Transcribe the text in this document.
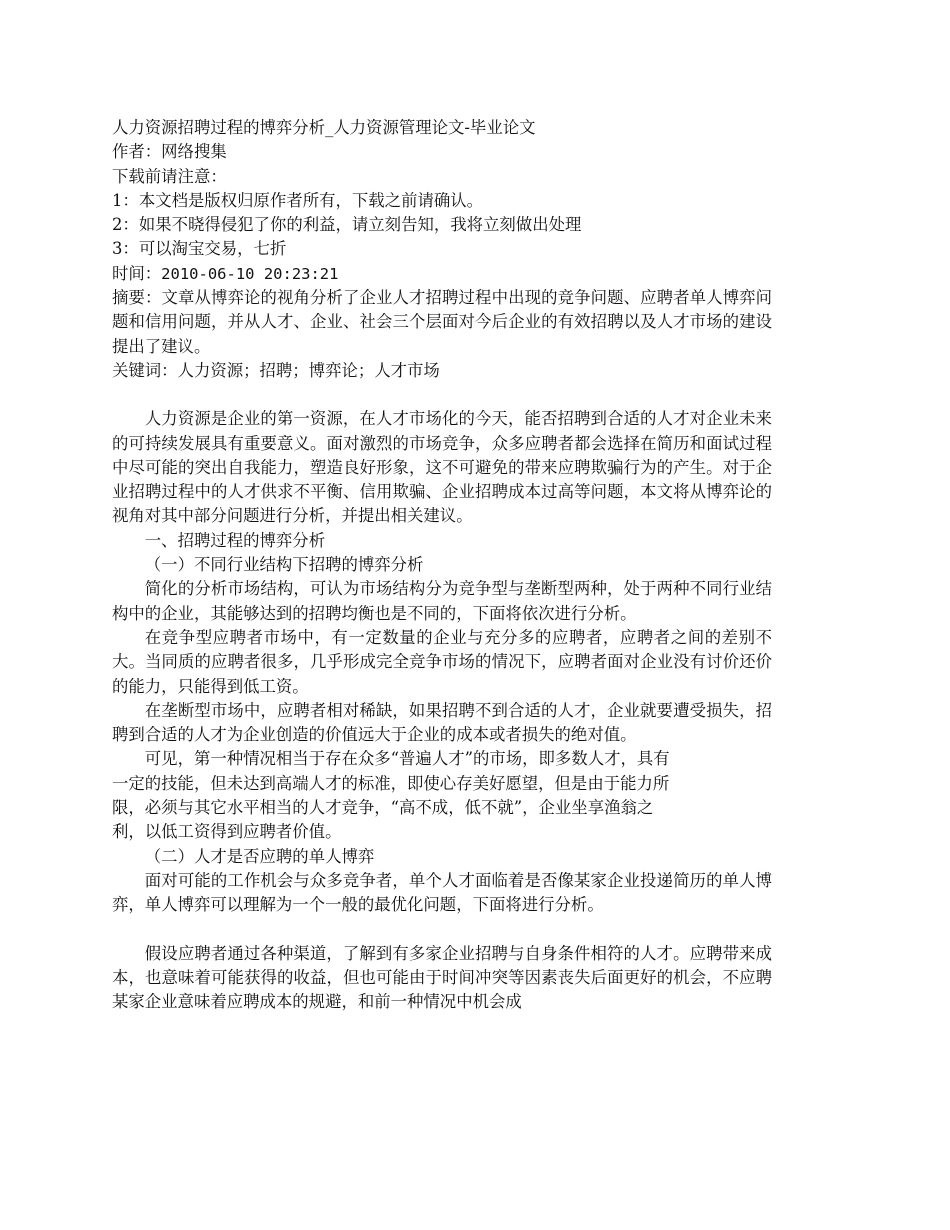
人力资源招聘过程的博弈分析_人力资源管理论文-毕业论文
作者：网络搜集
下载前请注意：
1：本文档是版权归原作者所有，下载之前请确认。
2：如果不晓得侵犯了你的利益，请立刻告知，我将立刻做出处理
3：可以淘宝交易，七折
时间：2010-06-10 20:23:21
摘要：文章从博弈论的视角分析了企业人才招聘过程中出现的竞争问题、应聘者单人博弈问题和信用问题，并从人才、企业、社会三个层面对今后企业的有效招聘以及人才市场的建设提出了建议。
关键词：人力资源；招聘；博弈论；人才市场
人力资源是企业的第一资源，在人才市场化的今天，能否招聘到合适的人才对企业未来的可持续发展具有重要意义。面对激烈的市场竞争，众多应聘者都会选择在简历和面试过程中尽可能的突出自我能力，塑造良好形象，这不可避免的带来应聘欺骗行为的产生。对于企业招聘过程中的人才供求不平衡、信用欺骗、企业招聘成本过高等问题，本文将从博弈论的视角对其中部分问题进行分析，并提出相关建议。
一、招聘过程的博弈分析
（一）不同行业结构下招聘的博弈分析
简化的分析市场结构，可认为市场结构分为竞争型与垄断型两种，处于两种不同行业结构中的企业，其能够达到的招聘均衡也是不同的，下面将依次进行分析。
在竞争型应聘者市场中，有一定数量的企业与充分多的应聘者，应聘者之间的差别不大。当同质的应聘者很多，几乎形成完全竞争市场的情况下，应聘者面对企业没有讨价还价的能力，只能得到低工资。
在垄断型市场中，应聘者相对稀缺，如果招聘不到合适的人才，企业就要遭受损失，招聘到合适的人才为企业创造的价值远大于企业的成本或者损失的绝对值。
可见，第一种情况相当于存在众多“普遍人才”的市场，即多数人才，具有
一定的技能，但未达到高端人才的标准，即使心存美好愿望，但是由于能力所
限，必须与其它水平相当的人才竞争，“高不成，低不就”，企业坐享渔翁之
利，以低工资得到应聘者价值。
（二）人才是否应聘的单人博弈
面对可能的工作机会与众多竞争者，单个人才面临着是否像某家企业投递简历的单人博弈，单人博弈可以理解为一个一般的最优化问题，下面将进行分析。
假设应聘者通过各种渠道，了解到有多家企业招聘与自身条件相符的人才。应聘带来成本，也意味着可能获得的收益，但也可能由于时间冲突等因素丧失后面更好的机会，不应聘某家企业意味着应聘成本的规避，和前一种情况中机会成
